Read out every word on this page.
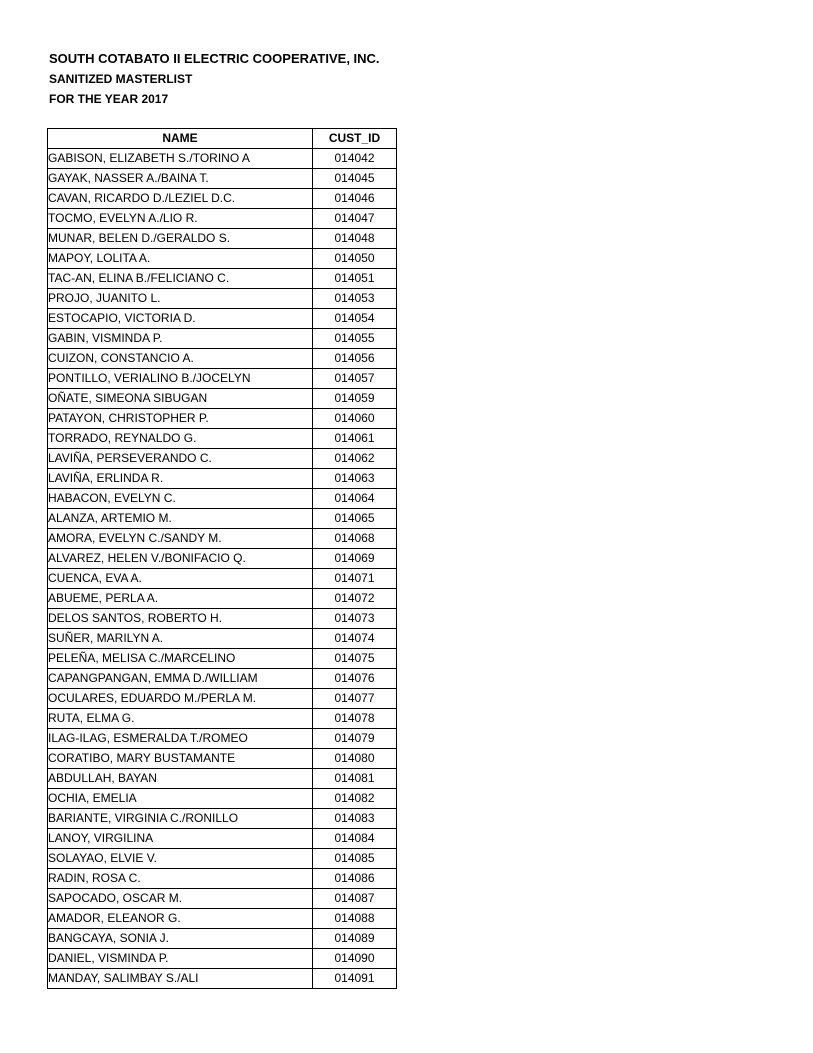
SOUTH COTABATO II ELECTRIC COOPERATIVE, INC.
SANITIZED MASTERLIST
FOR THE YEAR 2017
NAME	CUST_ID
GABISON, ELIZABETH S./TORINO A	014042
GAYAK, NASSER A./BAINA T.	014045
CAVAN, RICARDO D./LEZIEL D.C.	014046
TOCMO, EVELYN A./LIO R.	014047
MUNAR, BELEN D./GERALDO S.	014048
MAPOY, LOLITA A.	014050
TAC-AN, ELINA B./FELICIANO C.	014051
PROJO, JUANITO L.	014053
ESTOCAPIO, VICTORIA D.	014054
GABIN, VISMINDA P.	014055
CUIZON, CONSTANCIO A.	014056
PONTILLO, VERIALINO B./JOCELYN	014057
OÑATE, SIMEONA SIBUGAN	014059
PATAYON, CHRISTOPHER P.	014060
TORRADO, REYNALDO G.	014061
LAVIÑA, PERSEVERANDO C.	014062
LAVIÑA, ERLINDA R.	014063
HABACON, EVELYN C.	014064
ALANZA, ARTEMIO M.	014065
AMORA, EVELYN C./SANDY M.	014068
ALVAREZ, HELEN V./BONIFACIO Q.	014069
CUENCA, EVA A.	014071
ABUEME, PERLA A.	014072
DELOS SANTOS, ROBERTO H.	014073
SUÑER, MARILYN A.	014074
PELEÑA, MELISA C./MARCELINO	014075
CAPANGPANGAN, EMMA D./WILLIAM	014076
OCULARES, EDUARDO M./PERLA M.	014077
RUTA, ELMA G.	014078
ILAG-ILAG, ESMERALDA T./ROMEO	014079
CORATIBO, MARY BUSTAMANTE	014080
ABDULLAH, BAYAN	014081
OCHIA, EMELIA	014082
BARIANTE, VIRGINIA C./RONILLO	014083
LANOY, VIRGILINA	014084
SOLAYAO, ELVIE V.	014085
RADIN, ROSA C.	014086
SAPOCADO, OSCAR M.	014087
AMADOR, ELEANOR G.	014088
BANGCAYA, SONIA J.	014089
DANIEL, VISMINDA P.	014090
MANDAY, SALIMBAY S./ALI	014091
